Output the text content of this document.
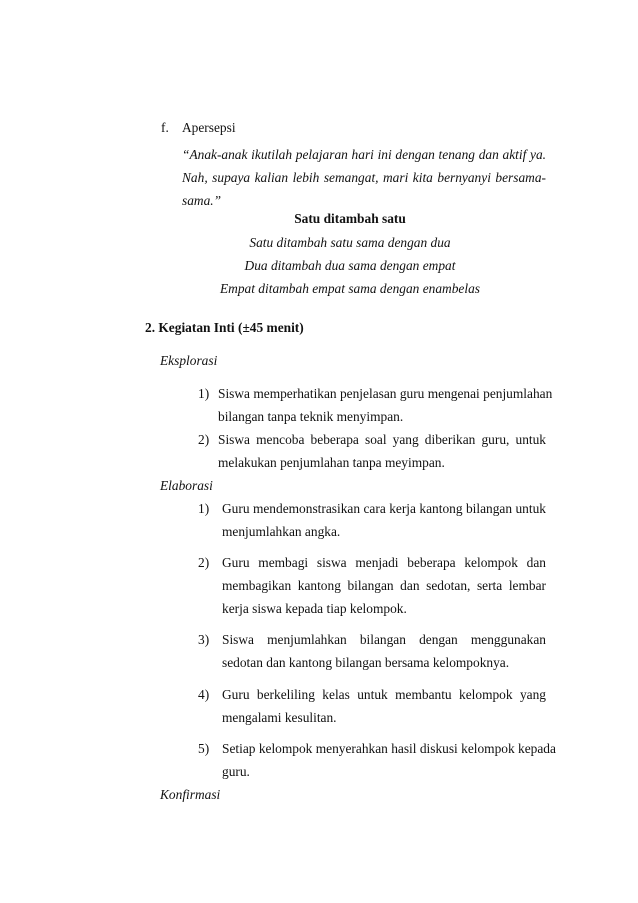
f. Apersepsi
“Anak-anak ikutilah pelajaran hari ini dengan tenang dan aktif ya.
Nah, supaya kalian lebih semangat, mari kita bernyanyi bersama-
sama.”
Satu ditambah satu
Satu ditambah satu sama dengan dua
Dua ditambah dua sama dengan empat
Empat ditambah empat sama dengan enambelas
2. Kegiatan Inti (±45 menit)
Eksplorasi
1) Siswa memperhatikan penjelasan guru mengenai penjumlahan
bilangan tanpa teknik menyimpan.
2) Siswa mencoba beberapa soal yang diberikan guru, untuk
melakukan penjumlahan tanpa meyimpan.
Elaborasi
1) Guru mendemonstrasikan cara kerja kantong bilangan untuk
menjumlahkan angka.
2) Guru membagi siswa menjadi beberapa kelompok dan
membagikan kantong bilangan dan sedotan, serta lembar
kerja siswa kepada tiap kelompok.
3) Siswa menjumlahkan bilangan dengan menggunakan
sedotan dan kantong bilangan bersama kelompoknya.
4) Guru berkeliling kelas untuk membantu kelompok yang
mengalami kesulitan.
5) Setiap kelompok menyerahkan hasil diskusi kelompok kepada
guru.
Konfirmasi
